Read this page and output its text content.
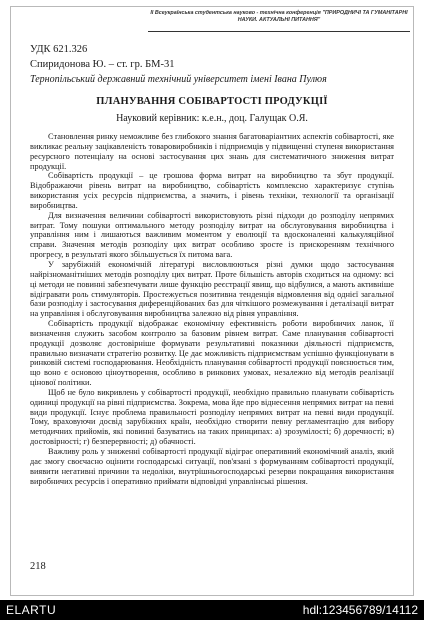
ІІ Всеукраїнська студентська науково - технічна конференція "ПРИРОДНИЧІ ТА ГУМАНІТАРНІ НАУКИ. АКТУАЛЬНІ ПИТАННЯ"
УДК 621.326
Спиридонова Ю. – ст. гр. БМ-31
Тернопільський державний технічний університет імені Івана Пулюя
ПЛАНУВАННЯ СОБІВАРТОСТІ ПРОДУКЦІЇ
Науковий керівник: к.е.н., доц. Галущак О.Я.

Становлення ринку неможливе без глибокого знання багатоваріантних аспектів собівартості, яке викликає реальну зацікавленість товаровиробників і підприємців у підвищенні ступеня використання ресурсного потенціалу на основі застосування цих знань для систематичного зниження витрат продукції.

Собівартість продукції – це грошова форма витрат на виробництво та збут продукції. Відображаючи рівень витрат на виробництво, собівартість комплексно характеризує ступінь використання усіх ресурсів підприємства, а значить, і рівень техніки, технології та організації виробництва.

Для визначення величини собівартості використовують різні підходи до розподілу непрямих витрат. Тому пошуки оптимального методу розподілу витрат на обслуговування виробництва і управління ним і лишаються важливим моментом у еволюції та вдосконаленні калькуляційної справи. Значення методів розподілу цих витрат особливо зросте із прискоренням технічного прогресу, в результаті якого збільшується їх питома вага.

У зарубіжній економічній літературі висловлюються різні думки щодо застосування найрізноманітніших методів розподілу цих витрат. Проте більшість авторів сходиться на одному: всі ці методи не повинні забезпечувати лише функцію реєстрації явищ, що відбулися, а мають активніше відігравати роль стимуляторів. Простежується позитивна тенденція відмовлення від однієї загальної бази розподілу і застосування диференційованих баз для чіткішого розмежування і деталізації витрат на управління і обслуговування виробництва залежно від рівня управління.

Собівартість продукції відображає економічну ефективність роботи виробничих ланок, її визначення служить засобом контролю за базовим рівнем витрат. Саме планування собівартості продукції дозволяє достовірніше формувати результативні показники діяльності підприємств, правильно визначати стратегію розвитку. Це дає можливість підприємствам успішно функціонувати в ринковій системі господарювання. Необхідність планування собівартості продукції пояснюється тим, що воно є основою ціноутворення, особливо в ринкових умовах, незалежно від методів реалізації цінової політики.

Щоб не було викривлень у собівартості продукції, необхідно правильно планувати собівартість одиниці продукції на рівні підприємства. Зокрема, мова йде про віднесення непрямих витрат на певні види продукції. Існує проблема правильності розподілу непрямих витрат на певні види продукції. Тому, враховуючи досвід зарубіжних країн, необхідно створити певну регламентацію для вибору методичних прийомів, які повинні базуватись на таких принципах: а) зрозумілості; б) доречності; в) достовірності; г) безперервності; д) обачності.

Важливу роль у зниженні собівартості продукції відіграє оперативний економічний аналіз, який дає змогу своєчасно оцінити господарські ситуації, пов'язані з формуванням собівартості продукції, виявити негативні причини та недоліки, внутрішньогосподарські резерви покращання використання виробничих ресурсів і оперативно приймати відповідні управлінські рішення.

218
ELARTU	hdl:123456789/14112
